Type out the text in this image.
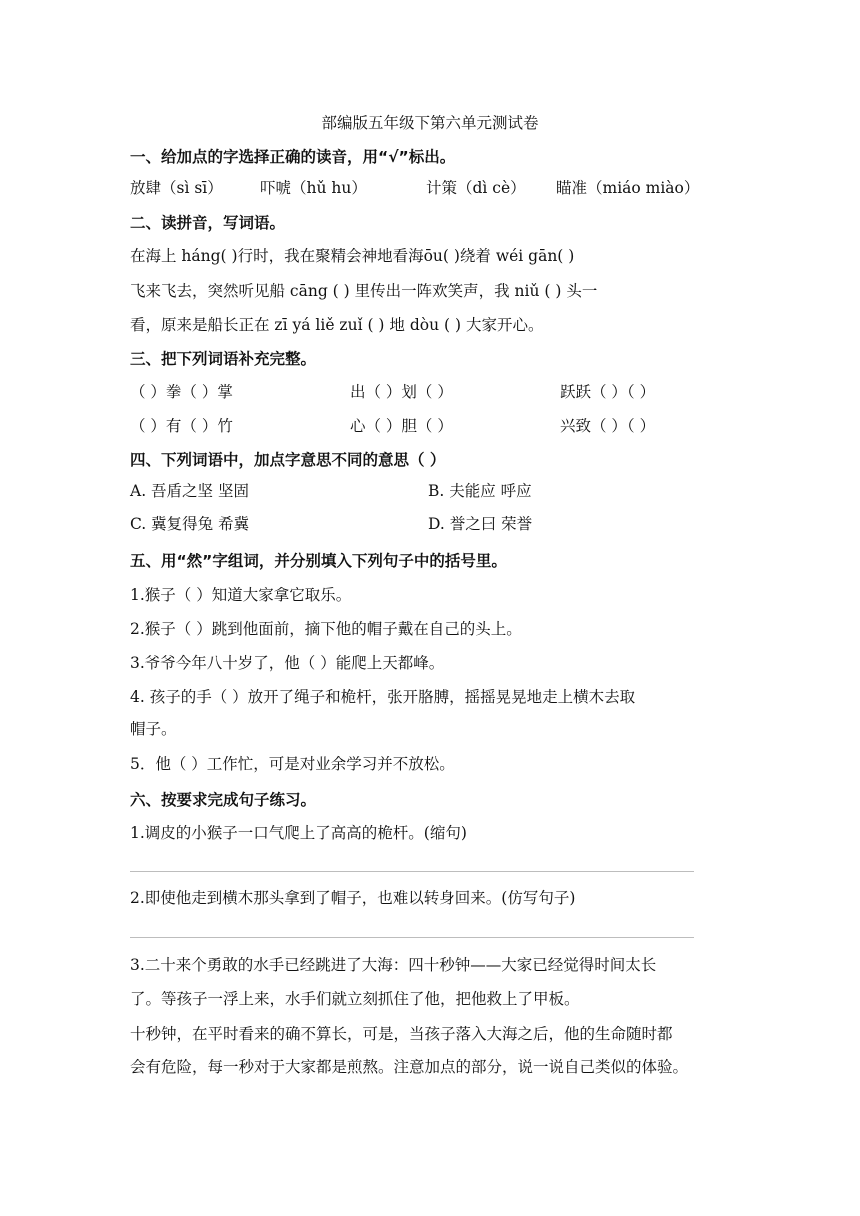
部编版五年级下第六单元测试卷
一、给加点的字选择正确的读音，用“√”标出。
放肆（sì sī） 吓唬（hǔ hu）	计策（dì cè） 瞄准（miáo miào）
二、读拼音，写词语。
在海上 háng( )行时，我在聚精会神地看海ōu( )绕着 wéi gān( )
飞来飞去，突然听见船 cāng ( ) 里传出一阵欢笑声，我 niǔ ( ) 头一
看，原来是船长正在 zī yá liě zuǐ ( ) 地 dòu ( ) 大家开心。
三、把下列词语补充完整。
（ ）拳（ ）掌	出（ ）划（ ）	跃跃（ ）（ ）
（ ）有（ ）竹	心（ ）胆（ ）	兴致（ ）（ ）
四、下列词语中，加点字意思不同的意思（ ）
A. 吾盾之坚 坚固	B. 夫能应 呼应
C. 冀复得兔 希冀	D. 誉之曰 荣誉
五、用“然”字组词，并分别填入下列句子中的括号里。
1.猴子（ ）知道大家拿它取乐。
2.猴子（ ）跳到他面前，摘下他的帽子戴在自己的头上。
3.爷爷今年八十岁了，他（ ）能爬上天都峰。
4. 孩子的手（ ）放开了绳子和桅杆，张开胳膊，摇摇晃晃地走上横木去取
帽子。
5．他（ ）工作忙，可是对业余学习并不放松。
六、按要求完成句子练习。
1.调皮的小猴子一口气爬上了高高的桅杆。(缩句)
2.即使他走到横木那头拿到了帽子，也难以转身回来。(仿写句子)
3.二十来个勇敢的水手已经跳进了大海：四十秒钟——大家已经觉得时间太长
了。等孩子一浮上来，水手们就立刻抓住了他，把他救上了甲板。
十秒钟，在平时看来的确不算长，可是，当孩子落入大海之后，他的生命随时都
会有危险，每一秒对于大家都是煎熬。注意加点的部分，说一说自己类似的体验。
